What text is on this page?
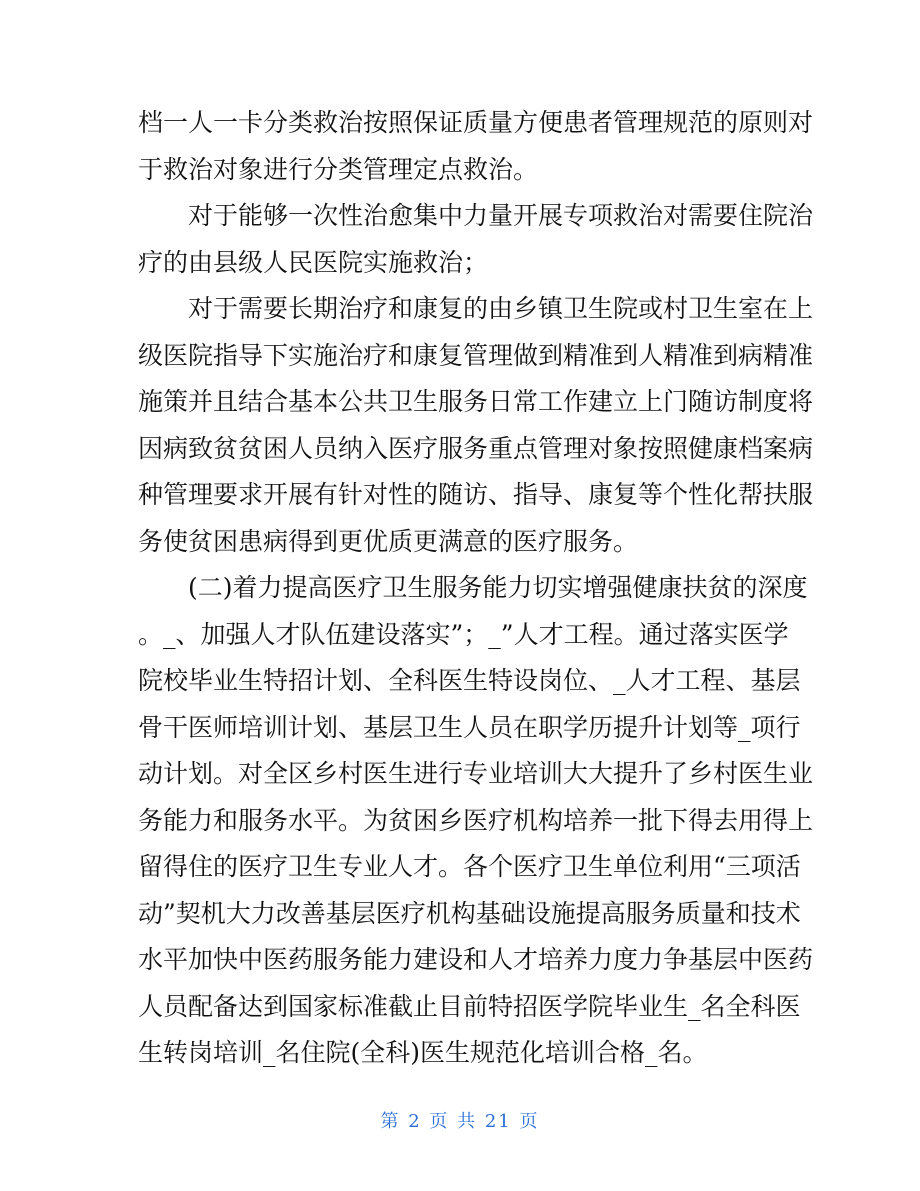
档一人一卡分类救治按照保证质量方便患者管理规范的原则对
于救治对象进行分类管理定点救治。
对于能够一次性治愈集中力量开展专项救治对需要住院治
疗的由县级人民医院实施救治；
对于需要长期治疗和康复的由乡镇卫生院或村卫生室在上
级医院指导下实施治疗和康复管理做到精准到人精准到病精准
施策并且结合基本公共卫生服务日常工作建立上门随访制度将
因病致贫贫困人员纳入医疗服务重点管理对象按照健康档案病
种管理要求开展有针对性的随访、指导、康复等个性化帮扶服
务使贫困患病得到更优质更满意的医疗服务。
(二)着力提高医疗卫生服务能力切实增强健康扶贫的深度
。_、加强人才队伍建设落实”；_”人才工程。通过落实医学
院校毕业生特招计划、全科医生特设岗位、_人才工程、基层
骨干医师培训计划、基层卫生人员在职学历提升计划等_项行
动计划。对全区乡村医生进行专业培训大大提升了乡村医生业
务能力和服务水平。为贫困乡医疗机构培养一批下得去用得上
留得住的医疗卫生专业人才。各个医疗卫生单位利用“三项活
动”契机大力改善基层医疗机构基础设施提高服务质量和技术
水平加快中医药服务能力建设和人才培养力度力争基层中医药
人员配备达到国家标准截止目前特招医学院毕业生_名全科医
生转岗培训_名住院(全科)医生规范化培训合格_名。
第 2 页 共 21 页
